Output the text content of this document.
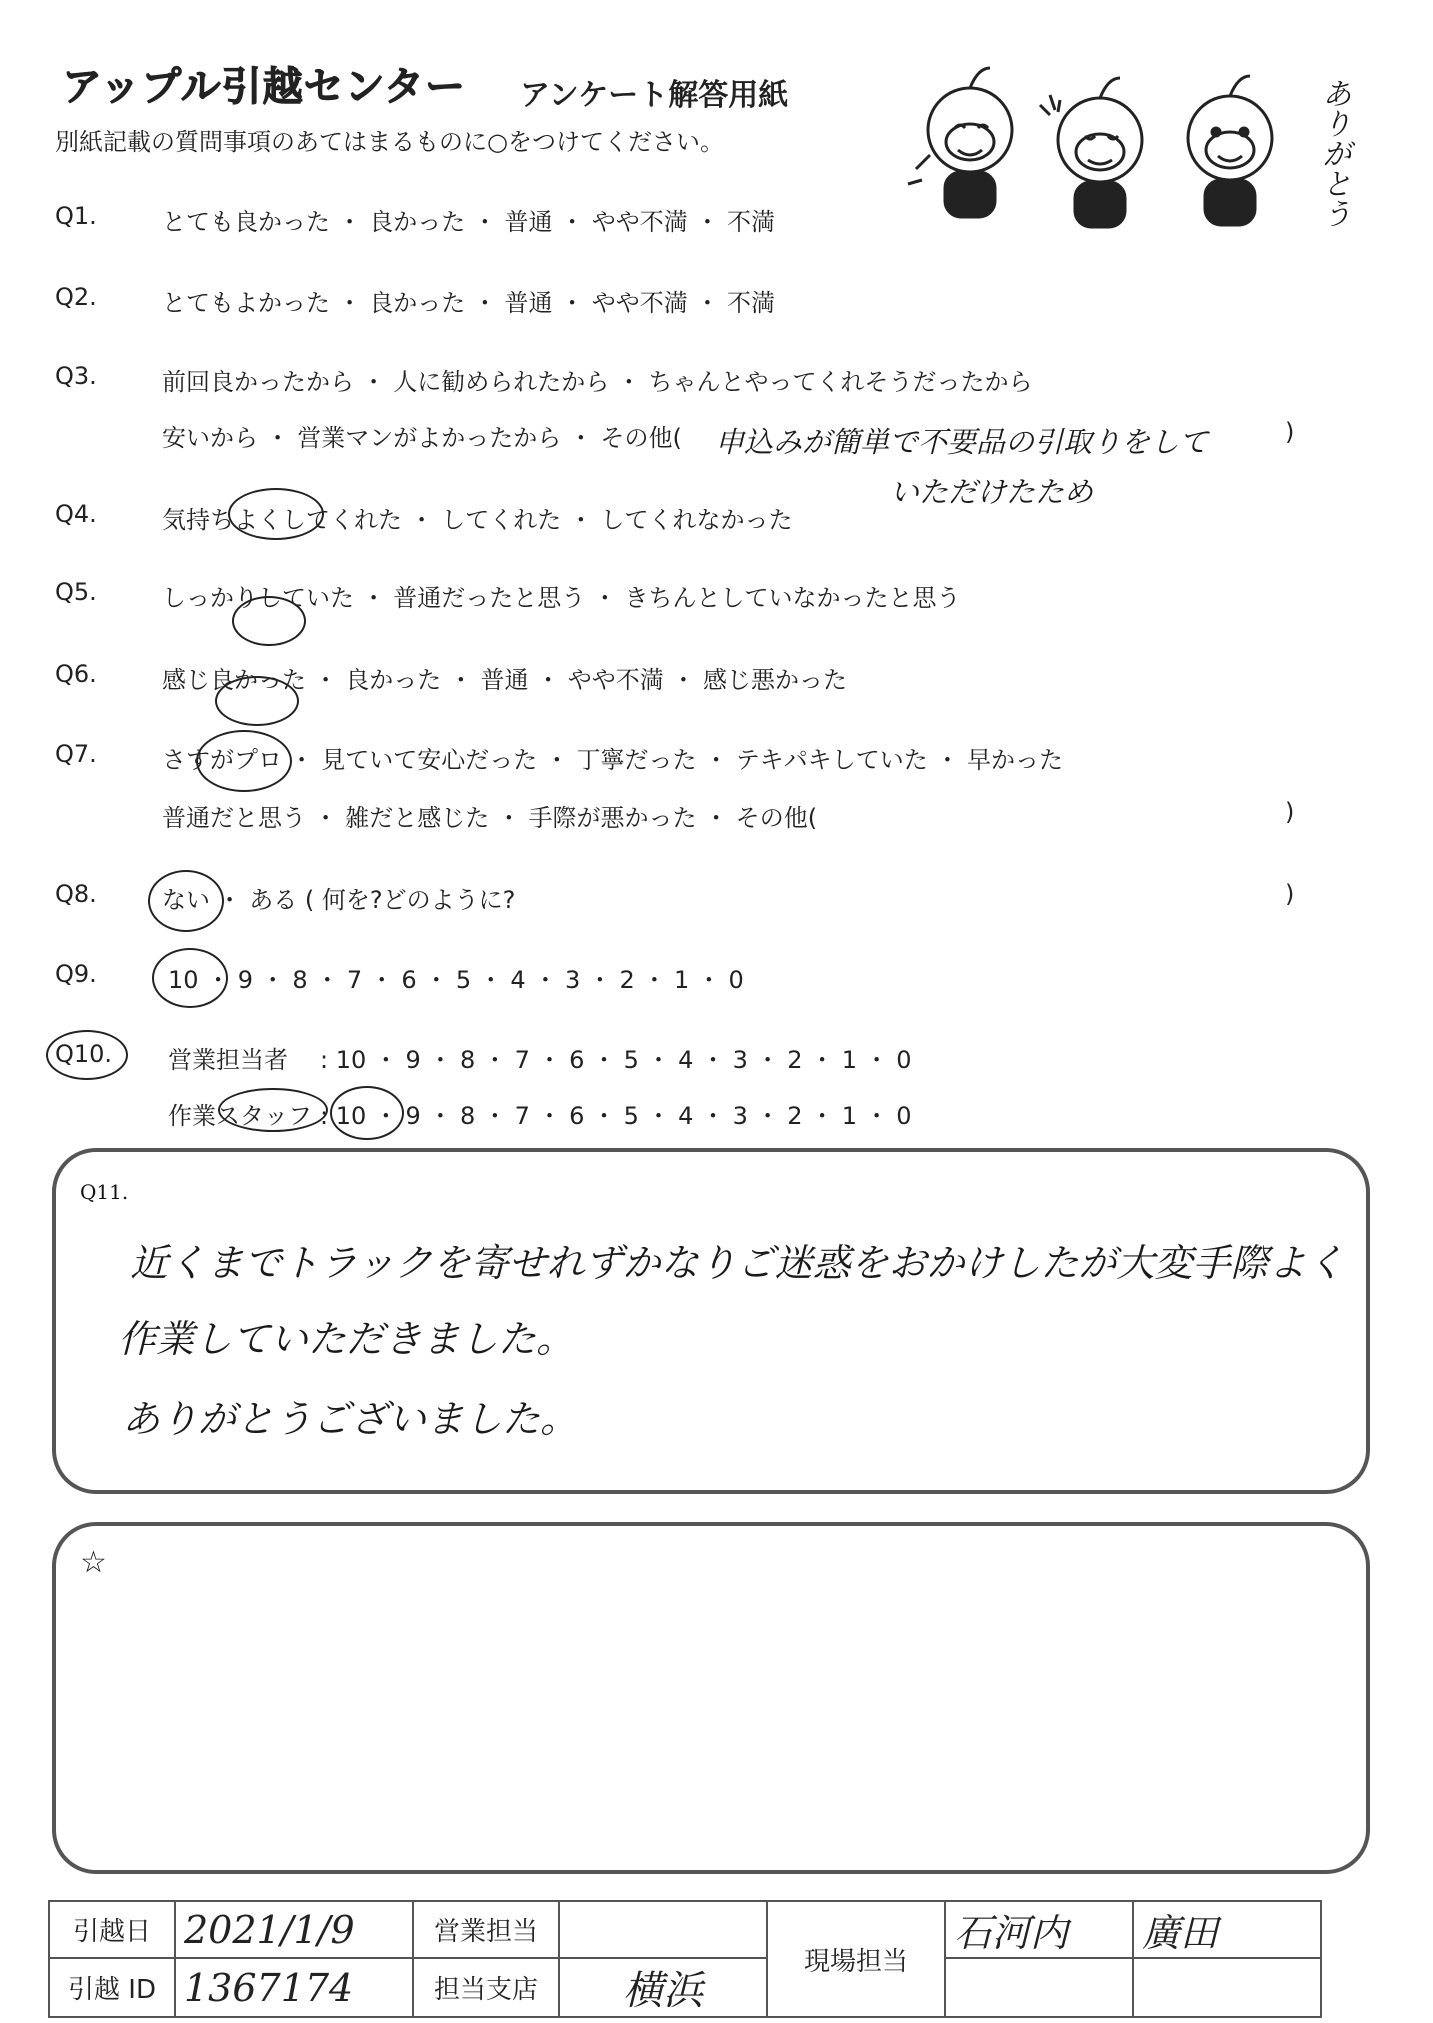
アップル引越センター アンケート解答用紙
別紙記載の質問事項のあてはまるものに○をつけてください。	ありがとう
Q1.	とても良かった ・ 良かった ・ 普通 ・ やや不満 ・ 不満
Q2.	とてもよかった ・ 良かった ・ 普通 ・ やや不満 ・ 不満
Q3.	前回良かったから ・ 人に勧められたから ・ ちゃんとやってくれそうだったから
安いから ・ 営業マンがよかったから ・ その他(	)
申込みが簡単で不要品の引取りをして
いただけたため
Q4.	気持ちよくしてくれた ・ してくれた ・ してくれなかった
Q5.	しっかりしていた ・ 普通だったと思う ・ きちんとしていなかったと思う
Q6.	感じ良かった ・ 良かった ・ 普通 ・ やや不満 ・ 感じ悪かった
Q7.	さすがプロ ・ 見ていて安心だった ・ 丁寧だった ・ テキパキしていた ・ 早かった
普通だと思う ・ 雑だと感じた ・ 手際が悪かった ・ その他(	)
Q8.	ない ・ ある ( 何を?どのように?	)
Q9.	10 ・ 9 ・ 8 ・ 7 ・ 6 ・ 5 ・ 4 ・ 3 ・ 2 ・ 1 ・ 0
Q10. 営業担当者 : 10 ・ 9 ・ 8 ・ 7 ・ 6 ・ 5 ・ 4 ・ 3 ・ 2 ・ 1 ・ 0
作業スタッフ : 10 ・ 9 ・ 8 ・ 7 ・ 6 ・ 5 ・ 4 ・ 3 ・ 2 ・ 1 ・ 0
Q11.
近くまでトラックを寄せれずかなりご迷惑をおかけしたが大変手際よく
作業していただきました。
ありがとうございました。
☆
引越日	2021/1/9	営業担当		現場担当	石河内	廣田
引越 ID	1367174	担当支店	横浜			
